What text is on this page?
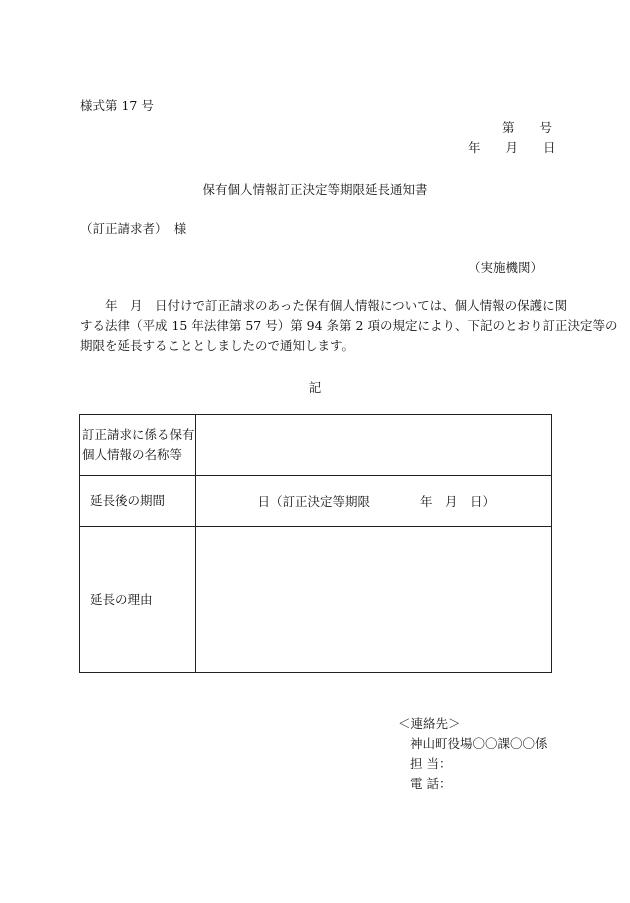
様式第 17 号
第　　号
年　　月　　日
保有個人情報訂正決定等期限延長通知書
（訂正請求者）　様
（実施機関）

　　年　月　日付けで訂正請求のあった保有個人情報については、個人情報の保護に関

する法律（平成 15 年法律第 57 号）第 94 条第 2 項の規定により、下記のとおり訂正決定等の

期限を延長することとしましたので通知します。

記
訂正請求に係る保有
個人情報の名称等	

延長後の期間	日（訂正決定等期限　　　　年　月　日）

延長の理由	

＜連絡先＞
神山町役場〇〇課〇〇係
担 当：
電 話：
